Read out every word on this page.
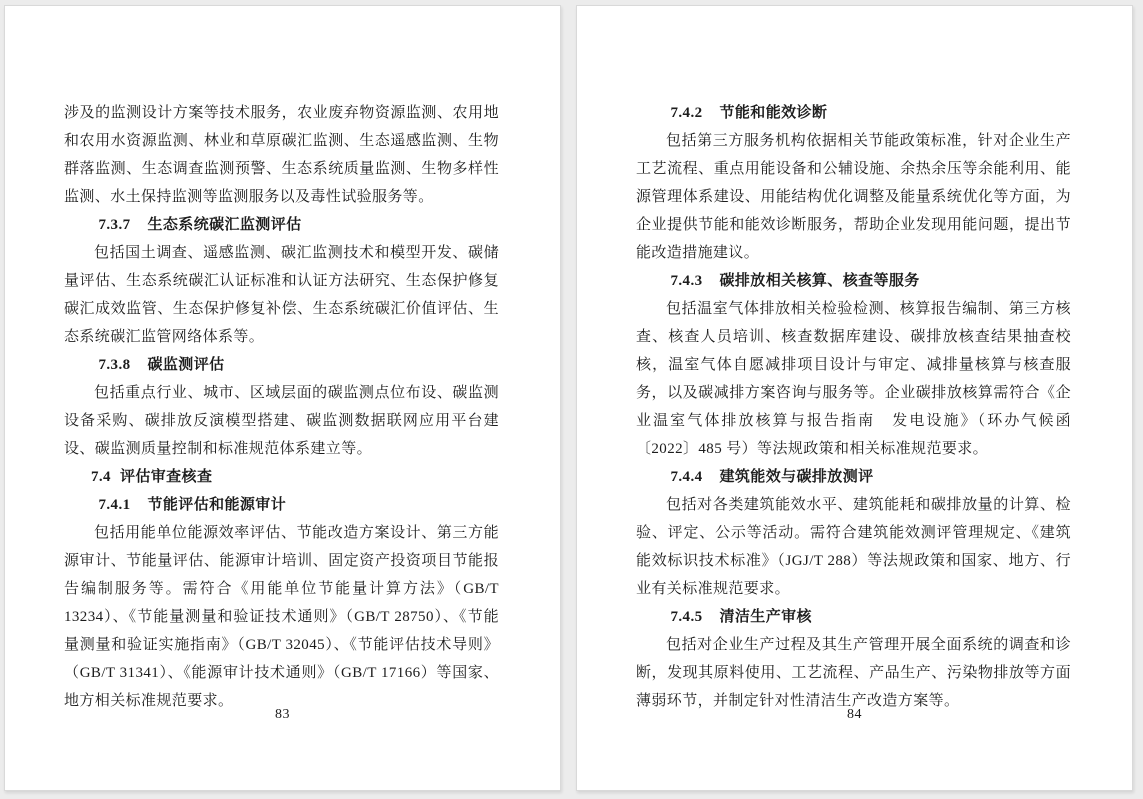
涉及的监测设计方案等技术服务，农业废弃物资源监测、农用地和农用水资源监测、林业和草原碳汇监测、生态遥感监测、生物群落监测、生态调查监测预警、生态系统质量监测、生物多样性监测、水土保持监测等监测服务以及毒性试验服务等。

7.3.7 生态系统碳汇监测评估

包括国土调查、遥感监测、碳汇监测技术和模型开发、碳储量评估、生态系统碳汇认证标准和认证方法研究、生态保护修复碳汇成效监管、生态保护修复补偿、生态系统碳汇价值评估、生态系统碳汇监管网络体系等。

7.3.8 碳监测评估

包括重点行业、城市、区域层面的碳监测点位布设、碳监测设备采购、碳排放反演模型搭建、碳监测数据联网应用平台建设、碳监测质量控制和标准规范体系建立等。

7.4 评估审查核查

7.4.1 节能评估和能源审计

包括用能单位能源效率评估、节能改造方案设计、第三方能源审计、节能量评估、能源审计培训、固定资产投资项目节能报告编制服务等。需符合《用能单位节能量计算方法》（GB/T 13234）、《节能量测量和验证技术通则》（GB/T 28750）、《节能量测量和验证实施指南》（GB/T 32045）、《节能评估技术导则》（GB/T 31341）、《能源审计技术通则》（GB/T 17166）等国家、地方相关标准规范要求。

83

7.4.2 节能和能效诊断

包括第三方服务机构依据相关节能政策标准，针对企业生产工艺流程、重点用能设备和公辅设施、余热余压等余能利用、能源管理体系建设、用能结构优化调整及能量系统优化等方面，为企业提供节能和能效诊断服务，帮助企业发现用能问题，提出节能改造措施建议。

7.4.3 碳排放相关核算、核查等服务

包括温室气体排放相关检验检测、核算报告编制、第三方核查、核查人员培训、核查数据库建设、碳排放核查结果抽查校核，温室气体自愿减排项目设计与审定、减排量核算与核查服务，以及碳减排方案咨询与服务等。企业碳排放核算需符合《企业温室气体排放核算与报告指南　发电设施》（环办气候函〔2022〕485 号）等法规政策和相关标准规范要求。

7.4.4 建筑能效与碳排放测评

包括对各类建筑能效水平、建筑能耗和碳排放量的计算、检验、评定、公示等活动。需符合建筑能效测评管理规定、《建筑能效标识技术标准》（JGJ/T 288）等法规政策和国家、地方、行业有关标准规范要求。

7.4.5 清洁生产审核

包括对企业生产过程及其生产管理开展全面系统的调查和诊断，发现其原料使用、工艺流程、产品生产、污染物排放等方面薄弱环节，并制定针对性清洁生产改造方案等。

84
